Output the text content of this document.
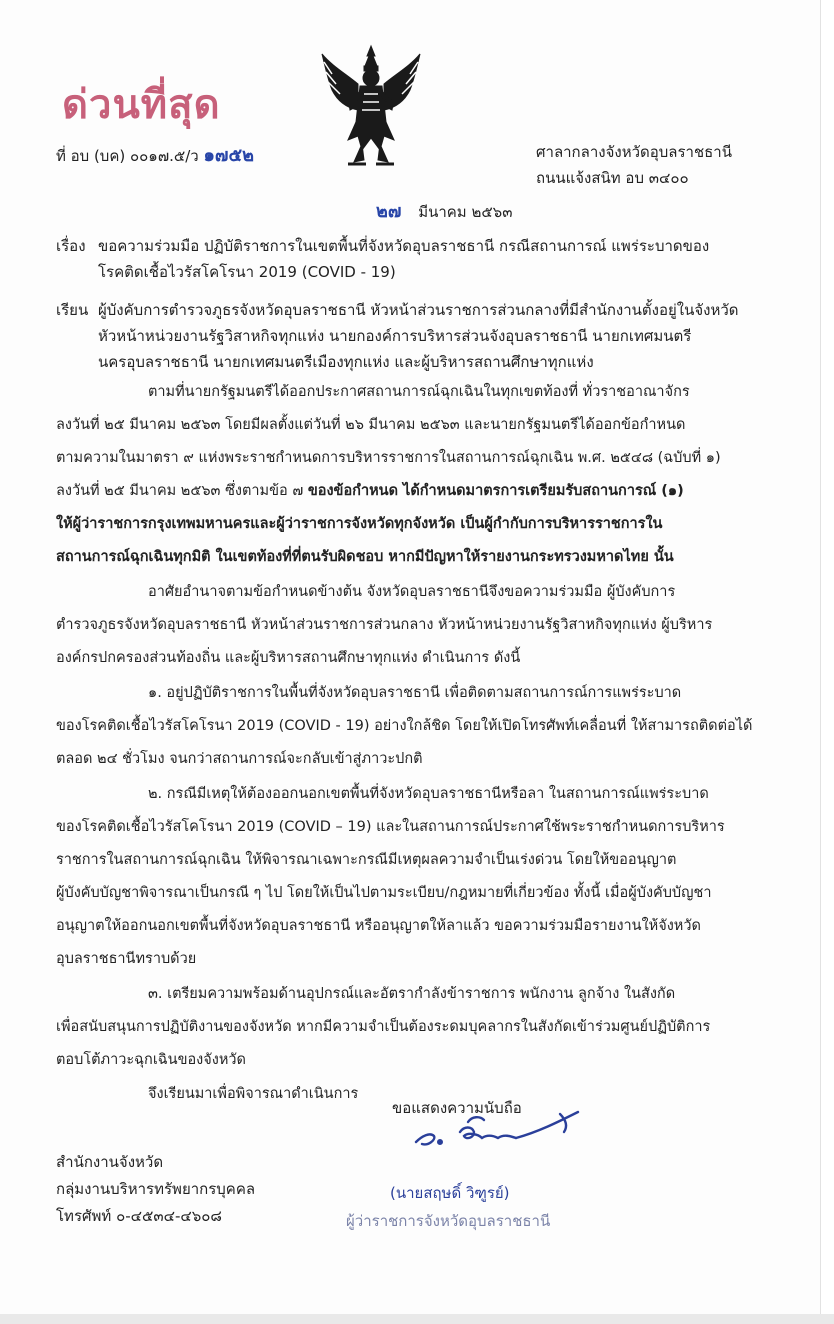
ด่วนที่สุด
ที่ อบ (บค) ๐๐๑๗.๕/ว ๑๗๕๒	ศาลากลางจังหวัดอุบลราชธานี
ถนนแจ้งสนิท อบ ๓๔๐๐
๒๗ มีนาคม ๒๕๖๓
เรื่อง ขอความร่วมมือ ปฏิบัติราชการในเขตพื้นที่จังหวัดอุบลราชธานี กรณีสถานการณ์ แพร่ระบาดของ
โรคติดเชื้อไวรัสโคโรนา 2019 (COVID - 19)
เรียน ผู้บังคับการตำรวจภูธรจังหวัดอุบลราชธานี หัวหน้าส่วนราชการส่วนกลางที่มีสำนักงานตั้งอยู่ในจังหวัด
หัวหน้าหน่วยงานรัฐวิสาหกิจทุกแห่ง นายกองค์การบริหารส่วนจังอุบลราชธานี นายกเทศมนตรี
นครอุบลราชธานี นายกเทศมนตรีเมืองทุกแห่ง และผู้บริหารสถานศึกษาทุกแห่ง
ตามที่นายกรัฐมนตรีได้ออกประกาศสถานการณ์ฉุกเฉินในทุกเขตท้องที่ ทั่วราชอาณาจักร
ลงวันที่ ๒๕ มีนาคม ๒๕๖๓ โดยมีผลตั้งแต่วันที่ ๒๖ มีนาคม ๒๕๖๓ และนายกรัฐมนตรีได้ออกข้อกำหนด
ตามความในมาตรา ๙ แห่งพระราชกำหนดการบริหารราชการในสถานการณ์ฉุกเฉิน พ.ศ. ๒๕๔๘ (ฉบับที่ ๑)
ลงวันที่ ๒๕ มีนาคม ๒๕๖๓ ซึ่งตามข้อ ๗ ของข้อกำหนด ได้กำหนดมาตรการเตรียมรับสถานการณ์ (๑)
ให้ผู้ว่าราชการกรุงเทพมหานครและผู้ว่าราชการจังหวัดทุกจังหวัด เป็นผู้กำกับการบริหารราชการใน
สถานการณ์ฉุกเฉินทุกมิติ ในเขตท้องที่ที่ตนรับผิดชอบ หากมีปัญหาให้รายงานกระทรวงมหาดไทย นั้น
อาศัยอำนาจตามข้อกำหนดข้างต้น จังหวัดอุบลราชธานีจึงขอความร่วมมือ ผู้บังคับการ
ตำรวจภูธรจังหวัดอุบลราชธานี หัวหน้าส่วนราชการส่วนกลาง หัวหน้าหน่วยงานรัฐวิสาหกิจทุกแห่ง ผู้บริหาร
องค์กรปกครองส่วนท้องถิ่น และผู้บริหารสถานศึกษาทุกแห่ง ดำเนินการ ดังนี้
๑. อยู่ปฏิบัติราชการในพื้นที่จังหวัดอุบลราชธานี เพื่อติดตามสถานการณ์การแพร่ระบาด
ของโรคติดเชื้อไวรัสโคโรนา 2019 (COVID - 19) อย่างใกล้ชิด โดยให้เปิดโทรศัพท์เคลื่อนที่ ให้สามารถติดต่อได้
ตลอด ๒๔ ชั่วโมง จนกว่าสถานการณ์จะกลับเข้าสู่ภาวะปกติ
๒. กรณีมีเหตุให้ต้องออกนอกเขตพื้นที่จังหวัดอุบลราชธานีหรือลา ในสถานการณ์แพร่ระบาด
ของโรคติดเชื้อไวรัสโคโรนา 2019 (COVID – 19) และในสถานการณ์ประกาศใช้พระราชกำหนดการบริหาร
ราชการในสถานการณ์ฉุกเฉิน ให้พิจารณาเฉพาะกรณีมีเหตุผลความจำเป็นเร่งด่วน โดยให้ขออนุญาต
ผู้บังคับบัญชาพิจารณาเป็นกรณี ๆ ไป โดยให้เป็นไปตามระเบียบ/กฎหมายที่เกี่ยวข้อง ทั้งนี้ เมื่อผู้บังคับบัญชา
อนุญาตให้ออกนอกเขตพื้นที่จังหวัดอุบลราชธานี หรืออนุญาตให้ลาแล้ว ขอความร่วมมือรายงานให้จังหวัด
อุบลราชธานีทราบด้วย
๓. เตรียมความพร้อมด้านอุปกรณ์และอัตรากำลังข้าราชการ พนักงาน ลูกจ้าง ในสังกัด
เพื่อสนับสนุนการปฏิบัติงานของจังหวัด หากมีความจำเป็นต้องระดมบุคลากรในสังกัดเข้าร่วมศูนย์ปฏิบัติการ
ตอบโต้ภาวะฉุกเฉินของจังหวัด
จึงเรียนมาเพื่อพิจารณาดำเนินการ
ขอแสดงความนับถือ
(นายสฤษดิ์ วิฑูรย์)
ผู้ว่าราชการจังหวัดอุบลราชธานี
สำนักงานจังหวัด
กลุ่มงานบริหารทรัพยากรบุคคล
โทรศัพท์ ๐-๔๕๓๔-๔๖๐๘
